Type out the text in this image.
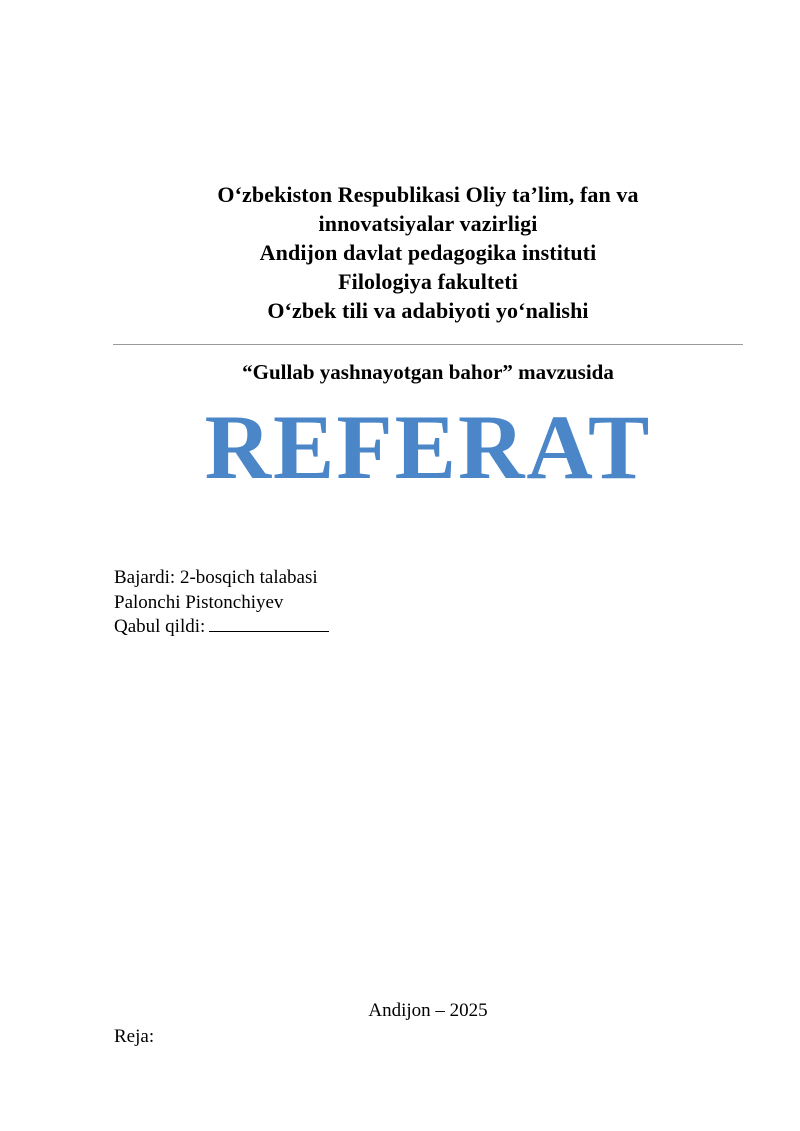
O‘zbekiston Respublikasi Oliy ta’lim, fan va innovatsiyalar vazirligi
Andijon davlat pedagogika instituti
Filologiya fakulteti
O‘zbek tili va adabiyoti yo‘nalishi
“Gullab yashnayotgan bahor” mavzusida
REFERAT
Bajardi: 2-bosqich talabasi
Palonchi Pistonchiyev
Qabul qildi:
Andijon – 2025
Reja:
